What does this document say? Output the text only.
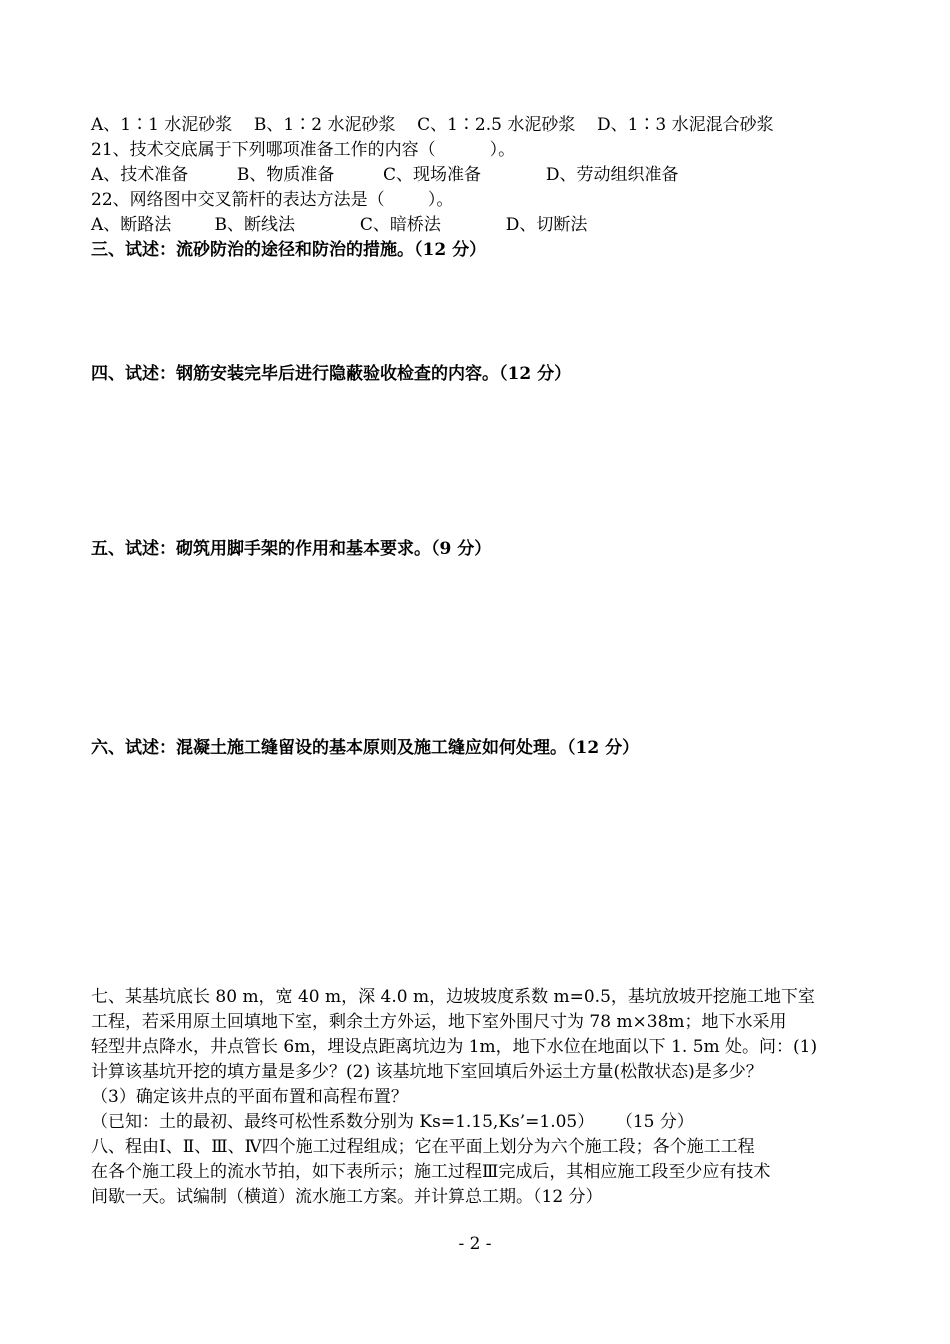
A、1∶1 水泥砂浆    B、1∶2 水泥砂浆    C、1∶2.5 水泥砂浆    D、1∶3 水泥混合砂浆
21、技术交底属于下列哪项准备工作的内容（          ）。
A、技术准备         B、物质准备         C、现场准备            D、劳动组织准备
22、网络图中交叉箭杆的表达方法是（        ）。
A、断路法        B、断线法            C、暗桥法            D、切断法
三、试述：流砂防治的途径和防治的措施。（12 分）
四、试述：钢筋安装完毕后进行隐蔽验收检查的内容。（12 分）
五、试述：砌筑用脚手架的作用和基本要求。（9 分）
六、试述：混凝土施工缝留设的基本原则及施工缝应如何处理。（12 分）

七、某基坑底长 80 m，宽 40 m，深 4.0 m，边坡坡度系数 m=0.5，基坑放坡开挖施工地下室

工程，若采用原土回填地下室，剩余土方外运，地下室外围尺寸为 78 m×38m；地下水采用

轻型井点降水，井点管长 6m，埋设点距离坑边为 1m，地下水位在地面以下 1. 5m 处。问：(1)

计算该基坑开挖的填方量是多少？(2) 该基坑地下室回填后外运土方量(松散状态)是多少？

（3）确定该井点的平面布置和高程布置？

（已知：土的最初、最终可松性系数分别为 Ks=1.15,Ks’=1.05）    （15 分）

八、程由Ⅰ、Ⅱ、Ⅲ、Ⅳ四个施工过程组成；它在平面上划分为六个施工段；各个施工工程

在各个施工段上的流水节拍，如下表所示；施工过程Ⅲ完成后，其相应施工段至少应有技术

间歇一天。试编制（横道）流水施工方案。并计算总工期。（12 分）

- 2 -
